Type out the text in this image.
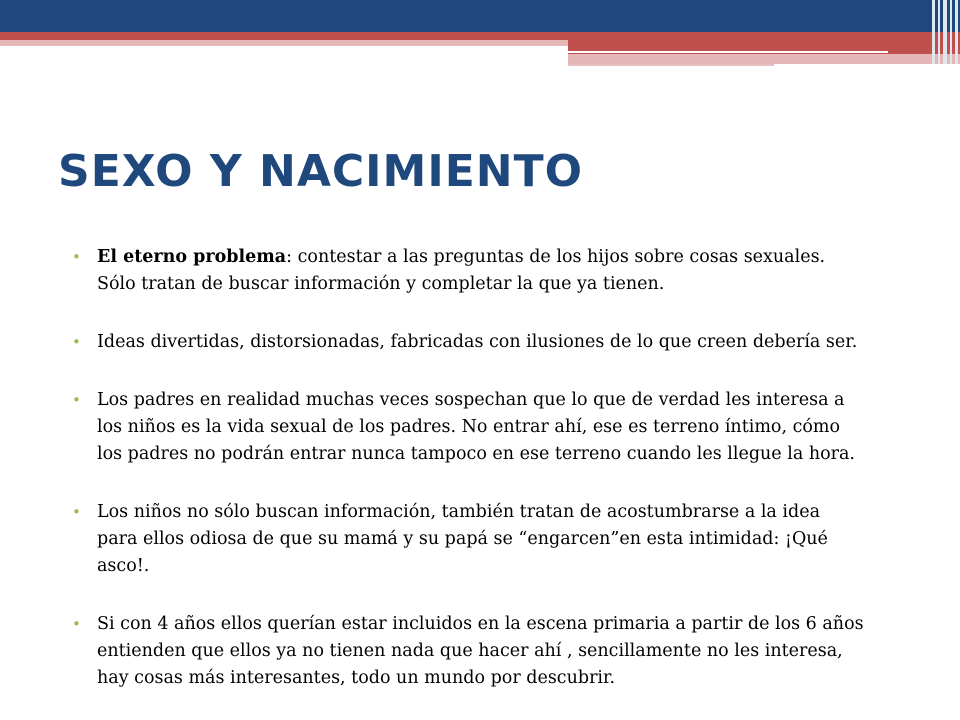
SEXO Y NACIMIENTO
• El eterno problema: contestar a las preguntas de los hijos sobre cosas sexuales.
Sólo tratan de buscar información y completar la que ya tienen.
• Ideas divertidas, distorsionadas, fabricadas con ilusiones de lo que creen debería ser.
• Los padres en realidad muchas veces sospechan que lo que de verdad les interesa a
los niños es la vida sexual de los padres. No entrar ahí, ese es terreno íntimo, cómo
los padres no podrán entrar nunca tampoco en ese terreno cuando les llegue la hora.
• Los niños no sólo buscan información, también tratan de acostumbrarse a la idea
para ellos odiosa de que su mamá y su papá se “engarcen”en esta intimidad: ¡Qué
asco!.
• Si con 4 años ellos querían estar incluidos en la escena primaria a partir de los 6 años
entienden que ellos ya no tienen nada que hacer ahí , sencillamente no les interesa,
hay cosas más interesantes, todo un mundo por descubrir.
